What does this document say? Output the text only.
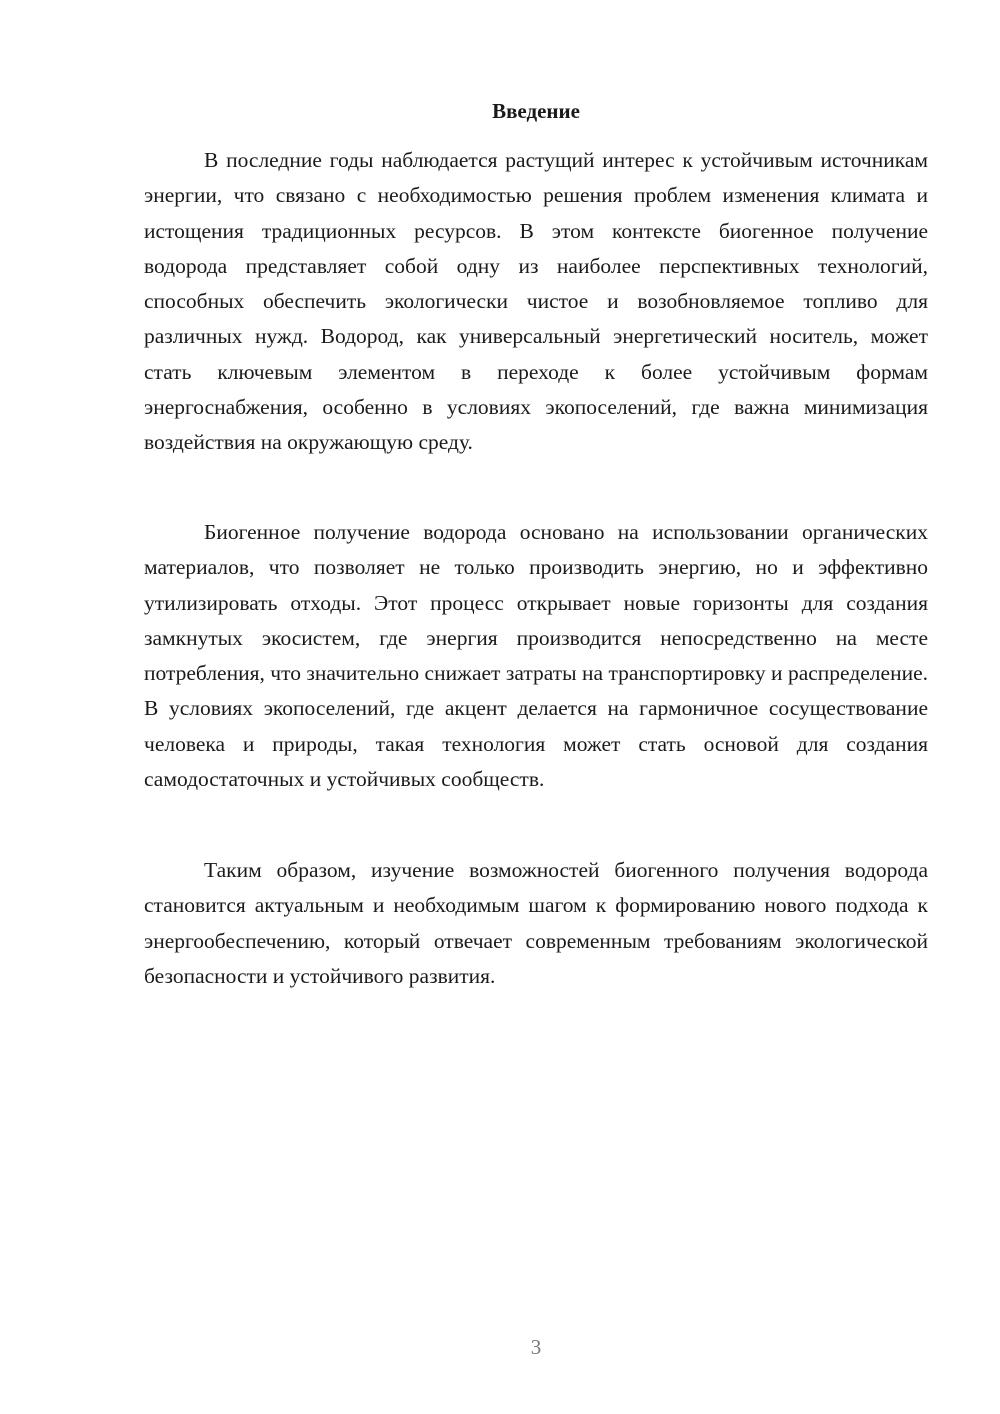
Введение

В последние годы наблюдается растущий интерес к устойчивым источникам энергии, что связано с необходимостью решения проблем изменения климата и истощения традиционных ресурсов. В этом контексте биогенное получение водорода представляет собой одну из наиболее перспективных технологий, способных обеспечить экологически чистое и возобновляемое топливо для различных нужд. Водород, как универсальный энергетический носитель, может стать ключевым элементом в переходе к более устойчивым формам энергоснабжения, особенно в условиях экопоселений, где важна минимизация воздействия на окружающую среду.

Биогенное получение водорода основано на использовании органических материалов, что позволяет не только производить энергию, но и эффективно утилизировать отходы. Этот процесс открывает новые горизонты для создания замкнутых экосистем, где энергия производится непосредственно на месте потребления, что значительно снижает затраты на транспортировку и распределение. В условиях экопоселений, где акцент делается на гармоничное сосуществование человека и природы, такая технология может стать основой для создания самодостаточных и устойчивых сообществ.

Таким образом, изучение возможностей биогенного получения водорода становится актуальным и необходимым шагом к формированию нового подхода к энергообеспечению, который отвечает современным требованиям экологической безопасности и устойчивого развития.

3
